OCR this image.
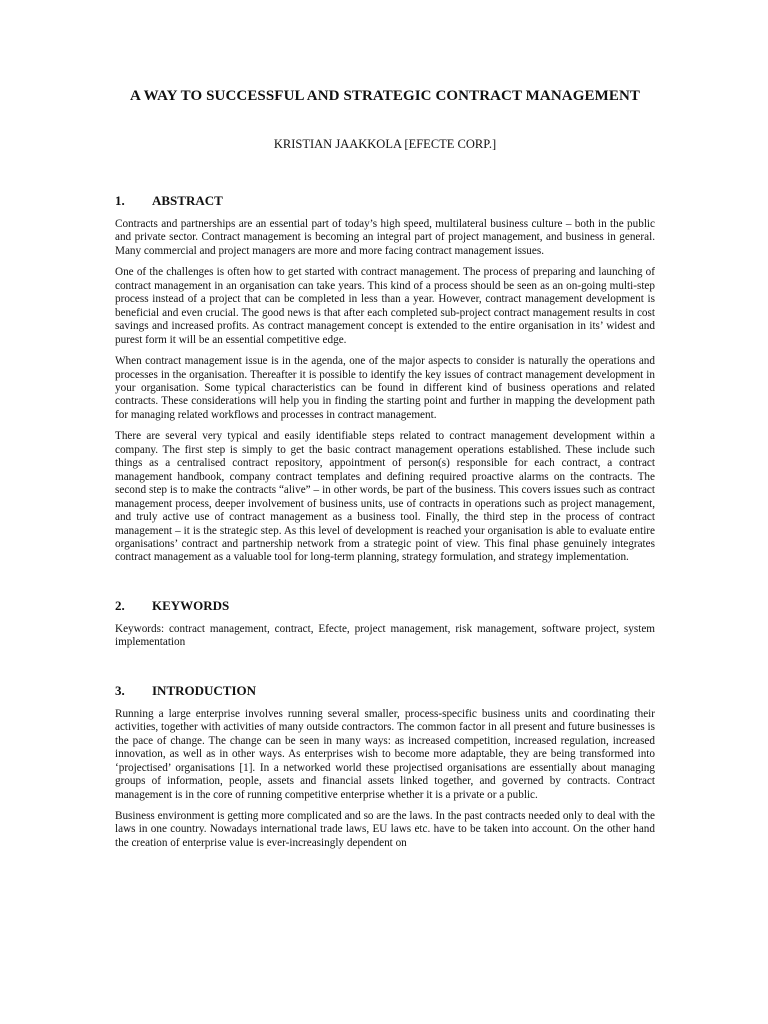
A WAY TO SUCCESSFUL AND STRATEGIC CONTRACT MANAGEMENT
KRISTIAN JAAKKOLA [EFECTE CORP.]
1.	ABSTRACT

Contracts and partnerships are an essential part of today’s high speed, multilateral business culture – both in the public and private sector. Contract management is becoming an integral part of project management, and business in general. Many commercial and project managers are more and more facing contract management issues.

One of the challenges is often how to get started with contract management. The process of preparing and launching of contract management in an organisation can take years. This kind of a process should be seen as an on-going multi-step process instead of a project that can be completed in less than a year. However, contract management development is beneficial and even crucial. The good news is that after each completed sub-project contract management results in cost savings and increased profits. As contract management concept is extended to the entire organisation in its’ widest and purest form it will be an essential competitive edge.

When contract management issue is in the agenda, one of the major aspects to consider is naturally the operations and processes in the organisation. Thereafter it is possible to identify the key issues of contract management development in your organisation. Some typical characteristics can be found in different kind of business operations and related contracts. These considerations will help you in finding the starting point and further in mapping the development path for managing related workflows and processes in contract management.

There are several very typical and easily identifiable steps related to contract management development within a company. The first step is simply to get the basic contract management operations established. These include such things as a centralised contract repository, appointment of person(s) responsible for each contract, a contract management handbook, company contract templates and defining required proactive alarms on the contracts. The second step is to make the contracts “alive” – in other words, be part of the business. This covers issues such as contract management process, deeper involvement of business units, use of contracts in operations such as project management, and truly active use of contract management as a business tool. Finally, the third step in the process of contract management – it is the strategic step. As this level of development is reached your organisation is able to evaluate entire organisations’ contract and partnership network from a strategic point of view. This final phase genuinely integrates contract management as a valuable tool for long-term planning, strategy formulation, and strategy implementation.

2.	KEYWORDS

Keywords: contract management, contract, Efecte, project management, risk management, software project, system implementation

3.	INTRODUCTION

Running a large enterprise involves running several smaller, process-specific business units and coordinating their activities, together with activities of many outside contractors. The common factor in all present and future businesses is the pace of change. The change can be seen in many ways: as increased competition, increased regulation, increased innovation, as well as in other ways. As enterprises wish to become more adaptable, they are being transformed into ‘projectised’ organisations [1]. In a networked world these projectised organisations are essentially about managing groups of information, people, assets and financial assets linked together, and governed by contracts. Contract management is in the core of running competitive enterprise whether it is a private or a public.

Business environment is getting more complicated and so are the laws. In the past contracts needed only to deal with the laws in one country. Nowadays international trade laws, EU laws etc. have to be taken into account. On the other hand the creation of enterprise value is ever-increasingly dependent on
